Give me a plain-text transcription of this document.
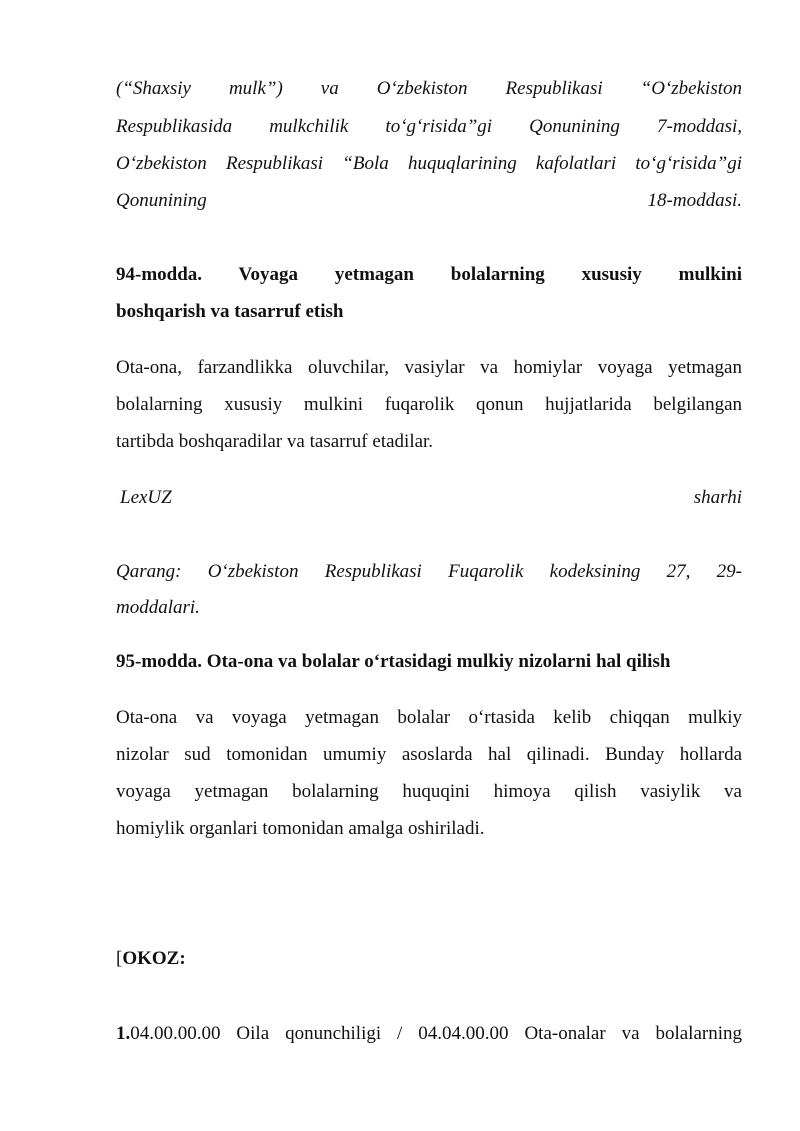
(“Shaxsiy mulk”) va O‘zbekiston Respublikasi “O‘zbekiston
Respublikasida mulkchilik to‘g‘risida”gi Qonunining 7-moddasi,
O‘zbekiston Respublikasi “Bola huquqlarining kafolatlari to‘g‘risida”gi
Qonunining	18-moddasi.
94-modda. Voyaga yetmagan bolalarning xususiy mulkini
boshqarish va tasarruf etish
Ota-ona, farzandlikka oluvchilar, vasiylar va homiylar voyaga yetmagan
bolalarning xususiy mulkini fuqarolik qonun hujjatlarida belgilangan
tartibda boshqaradilar va tasarruf etadilar.
LexUZ	sharhi
Qarang: O‘zbekiston Respublikasi Fuqarolik kodeksining 27, 29-
moddalari.
95-modda. Ota-ona va bolalar o‘rtasidagi mulkiy nizolarni hal qilish
Ota-ona va voyaga yetmagan bolalar o‘rtasida kelib chiqqan mulkiy
nizolar sud tomonidan umumiy asoslarda hal qilinadi. Bunday hollarda
voyaga yetmagan bolalarning huquqini himoya qilish vasiylik va
homiylik organlari tomonidan amalga oshiriladi.
[OKOZ:
1.04.00.00.00 Oila qonunchiligi / 04.04.00.00 Ota-onalar va bolalarning
